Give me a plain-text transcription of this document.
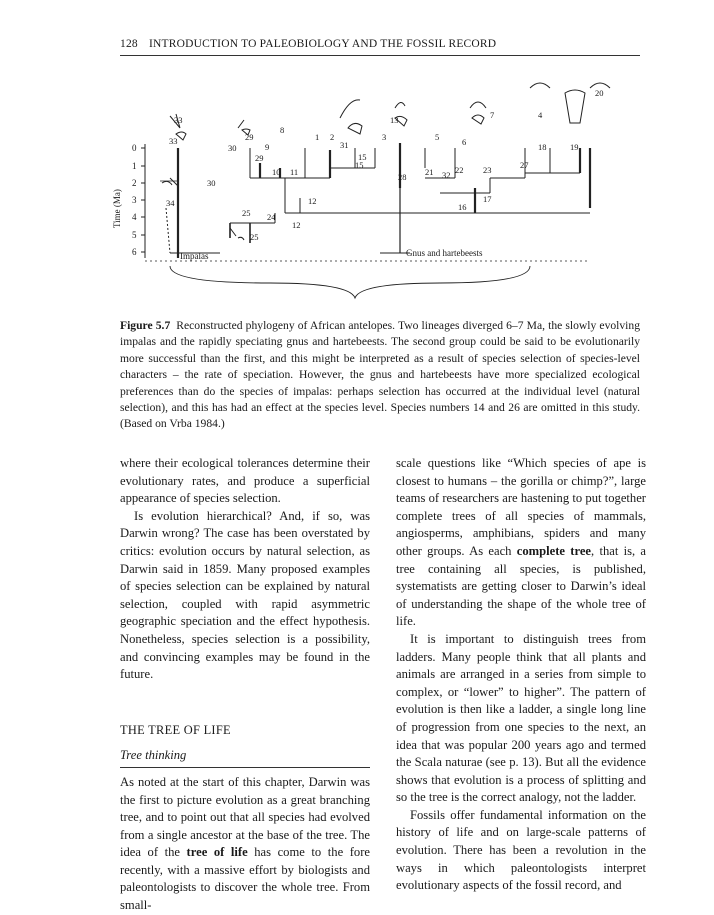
128 INTRODUCTION TO PALEOBIOLOGY AND THE FOSSIL RECORD
0
1
2
3
4
5
6
Time (Ma)
33
29
30	9
8
1 2
15
3
13
5	6
7	4
20
18	19
29
10 11
31
15
21	22 23	27
28	32
17
16
12
25
24
12
34
30
25
33
Impalas	Gnus and hartebeests
Figure 5.7 Reconstructed phylogeny of African antelopes. Two lineages diverged 6–7 Ma, the slowly evolving impalas and the rapidly speciating gnus and hartebeests. The second group could be said to be evolutionarily more successful than the first, and this might be interpreted as a result of species selection of species-level characters – the rate of speciation. However, the gnus and hartebeests have more specialized ecological preferences than do the species of impalas: perhaps selection has occurred at the individual level (natural selection), and this has had an effect at the species level. Species numbers 14 and 26 are omitted in this study. (Based on Vrba 1984.)

where their ecological tolerances determine their evolutionary rates, and produce a superficial appearance of species selection.

Is evolution hierarchical? And, if so, was Darwin wrong? The case has been overstated by critics: evolution occurs by natural selection, as Darwin said in 1859. Many proposed examples of species selection can be explained by natural selection, coupled with rapid asymmetric geographic speciation and the effect hypothesis. Nonetheless, species selection is a possibility, and convincing examples may be found in the future.

THE TREE OF LIFE

Tree thinking

As noted at the start of this chapter, Darwin was the first to picture evolution as a great branching tree, and to point out that all species had evolved from a single ancestor at the base of the tree. The idea of the tree of life has come to the fore recently, with a massive effort by biologists and paleontologists to discover the whole tree. From small-

scale questions like “Which species of ape is closest to humans – the gorilla or chimp?”, large teams of researchers are hastening to put together complete trees of all species of mammals, angiosperms, amphibians, spiders and many other groups. As each complete tree, that is, a tree containing all species, is published, systematists are getting closer to Darwin’s ideal of understanding the shape of the whole tree of life.

It is important to distinguish trees from ladders. Many people think that all plants and animals are arranged in a series from simple to complex, or “lower” to higher”. The pattern of evolution is then like a ladder, a single long line of progression from one species to the next, an idea that was popular 200 years ago and termed the Scala naturae (see p. 13). But all the evidence shows that evolution is a process of splitting and so the tree is the correct analogy, not the ladder.

Fossils offer fundamental information on the history of life and on large-scale patterns of evolution. There has been a revolution in the ways in which paleontologists interpret evolutionary aspects of the fossil record, and
